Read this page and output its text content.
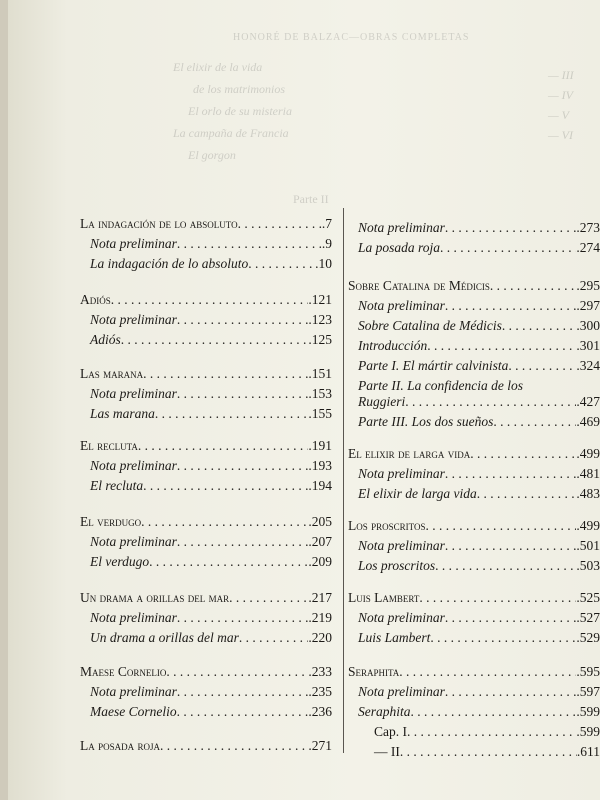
HONORÉ DE BALZAC—OBRAS COMPLETAS
El elixir de la vida
de los matrimonios
El orlo de su misteria
La campaña de Francia
El gorgon
Parte II
— III
— IV
— V
— VI
La indagación de lo absoluto . . .	.7
Nota preliminar . . .	.9
La indagación de lo absoluto . . .	.10
Adiós . . .	.121
Nota preliminar . . .	.123
Adiós . . .	.125
Las marana . . .	.151
Nota preliminar . . .	.153
Las marana . . .	.155
El recluta . . .	.191
Nota preliminar . . .	.193
El recluta . . .	.194
El verdugo . . .	.205
Nota preliminar . . .	.207
El verdugo . . .	.209
Un drama a orillas del mar . . .	.217
Nota preliminar . . .	.219
Un drama a orillas del mar . . .	.220
Maese Cornelio . . .	.233
Nota preliminar . . .	.235
Maese Cornelio . . .	.236
La posada roja . . .	.271
Nota preliminar . . .	.273
La posada roja . . .	.274
Sobre Catalina de Médicis . . .	.295
Nota preliminar . . .	.297
Sobre Catalina de Médicis . . .	.300
Introducción . . .	.301
Parte I. El mártir calvinista . . .	.324
Parte II. La confidencia de los
Ruggieri . . .	.427
Parte III. Los dos sueños . . .	.469
El elixir de larga vida . . .	.499
Nota preliminar . . .	.481
El elixir de larga vida . . .	.483
Los proscritos . . .	.499
Nota preliminar . . .	.501
Los proscritos . . .	.503
Luis Lambert . . .	.525
Nota preliminar . . .	.527
Luis Lambert . . .	.529
Seraphita . . .	.595
Nota preliminar . . .	.597
Seraphita . . .	.599
Cap. I . . .	.599
— II . . .	.611
